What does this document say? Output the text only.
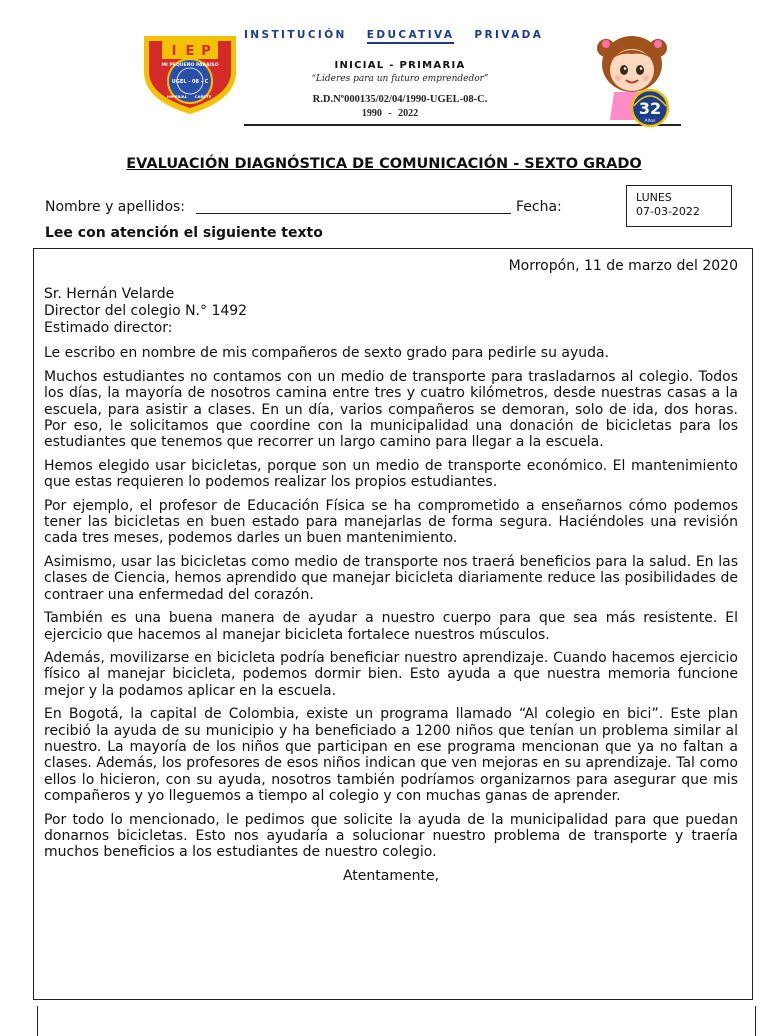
I E P
MI PEQUEÑO PARAISO
UGEL - 08 - C
IMPERIAL CAÑETE
INSTITUCIÓN EDUCATIVA PRIVADA
INICIAL - PRIMARIA
“Lideres para un futuro emprendedor”
R.D.Nº000135/02/04/1990-UGEL-08-C.
1990 - 2022	32
Años
EVALUACIÓN DIAGNÓSTICA DE COMUNICACIÓN - SEXTO GRADO
Nombre y apellidos:	Fecha:
LUNES
07-03-2022
Lee con atención el siguiente texto

Morropón, 11 de marzo del 2020

Sr. Hernán Velarde
Director del colegio N.° 1492
Estimado director:

Le escribo en nombre de mis compañeros de sexto grado para pedirle su ayuda.

Muchos estudiantes no contamos con un medio de transporte para trasladarnos al colegio. Todos los días, la mayoría de nosotros camina entre tres y cuatro kilómetros, desde nuestras casas a la escuela, para asistir a clases. En un día, varios compañeros se demoran, solo de ida, dos horas. Por eso, le solicitamos que coordine con la municipalidad una donación de bicicletas para los estudiantes que tenemos que recorrer un largo camino para llegar a la escuela.

Hemos elegido usar bicicletas, porque son un medio de transporte económico. El mantenimiento que estas requieren lo podemos realizar los propios estudiantes.

Por ejemplo, el profesor de Educación Física se ha comprometido a enseñarnos cómo podemos tener las bicicletas en buen estado para manejarlas de forma segura. Haciéndoles una revisión cada tres meses, podemos darles un buen mantenimiento.

Asimismo, usar las bicicletas como medio de transporte nos traerá beneficios para la salud. En las clases de Ciencia, hemos aprendido que manejar bicicleta diariamente reduce las posibilidades de contraer una enfermedad del corazón.

También es una buena manera de ayudar a nuestro cuerpo para que sea más resistente. El ejercicio que hacemos al manejar bicicleta fortalece nuestros músculos.

Además, movilizarse en bicicleta podría beneficiar nuestro aprendizaje. Cuando hacemos ejercicio físico al manejar bicicleta, podemos dormir bien. Esto ayuda a que nuestra memoria funcione mejor y la podamos aplicar en la escuela.

En Bogotá, la capital de Colombia, existe un programa llamado “Al colegio en bici”. Este plan recibió la ayuda de su municipio y ha beneficiado a 1200 niños que tenían un problema similar al nuestro. La mayoría de los niños que participan en ese programa mencionan que ya no faltan a clases. Además, los profesores de esos niños indican que ven mejoras en su aprendizaje. Tal como ellos lo hicieron, con su ayuda, nosotros también podríamos organizarnos para asegurar que mis compañeros y yo lleguemos a tiempo al colegio y con muchas ganas de aprender.

Por todo lo mencionado, le pedimos que solicite la ayuda de la municipalidad para que puedan donarnos bicicletas. Esto nos ayudaría a solucionar nuestro problema de transporte y traería muchos beneficios a los estudiantes de nuestro colegio.

Atentamente,
